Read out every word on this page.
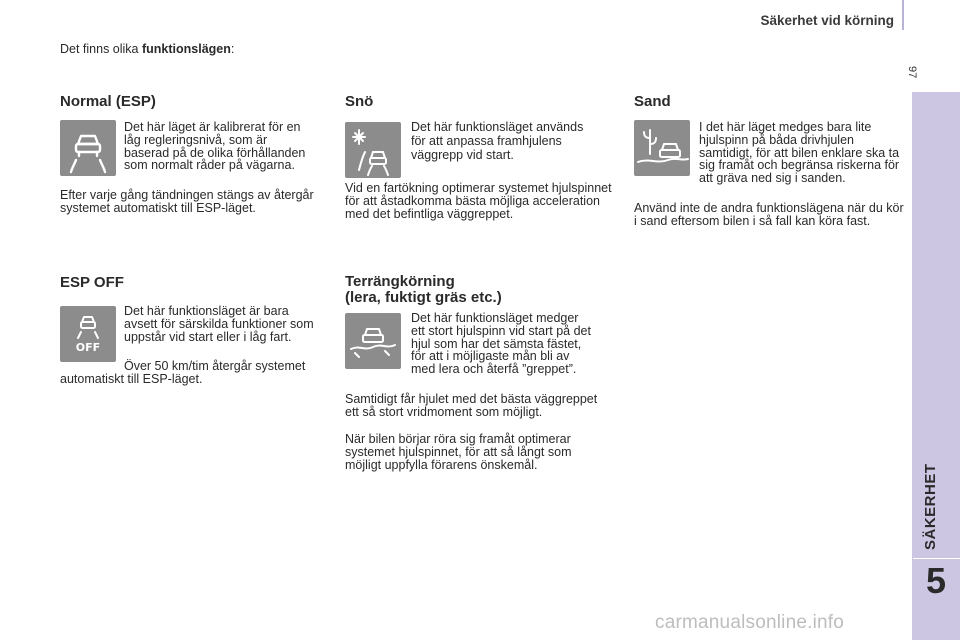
Säkerhet vid körning
97
SÄKERHET
5
Det finns olika funktionslägen:
Normal (ESP)

Det här läget är kalibrerat för en låg regleringsnivå, som är baserad på de olika förhållanden som normalt råder på vägarna.

Efter varje gång tändningen stängs av återgår systemet automatiskt till ESP-läget.

ESP OFF
OFF

Det här funktionsläget är bara avsett för särskilda funktioner som uppstår vid start eller i låg fart.

Över 50 km/tim återgår systemet automatiskt till ESP-läget.

Snö

Det här funktionsläget används för att anpassa framhjulens väggrepp vid start.

Vid en fartökning optimerar systemet hjulspinnet för att åstadkomma bästa möjliga acceleration med det befintliga väggreppet.

Terrängkörning
(lera, fuktigt gräs etc.)

Det här funktionsläget medger ett stort hjulspinn vid start på det hjul som har det sämsta fästet, för att i möjligaste mån bli av med lera och återfå ”greppet”.

Samtidigt får hjulet med det bästa väggreppet ett så stort vridmoment som möjligt.

När bilen börjar röra sig framåt optimerar systemet hjulspinnet, för att så långt som möjligt uppfylla förarens önskemål.

Sand

I det här läget medges bara lite hjulspinn på båda drivhjulen samtidigt, för att bilen enklare ska ta sig framåt och begränsa riskerna för att gräva ned sig i sanden.

Använd inte de andra funktionslägena när du kör i sand eftersom bilen i så fall kan köra fast.

carmanualsonline.info
